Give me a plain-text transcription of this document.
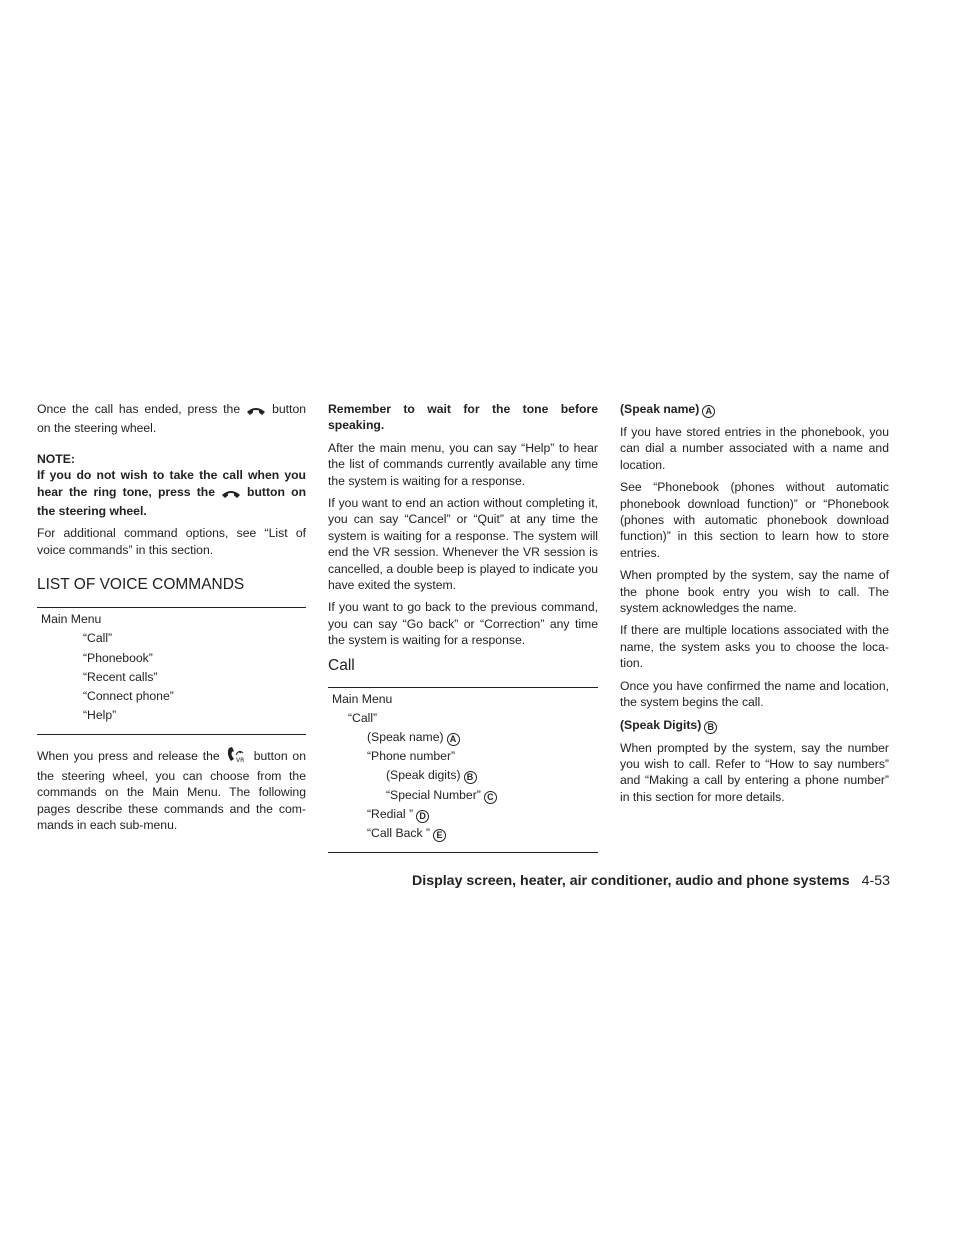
Once the call has ended, press the	button on the steering wheel.

NOTE:

If you do not wish to take the call when you hear the ring tone, press the	button on the steering wheel.

For additional command options, see “List of voice commands” in this section.

LIST OF VOICE COMMANDS
Main Menu
“Call”
“Phonebook”
“Recent calls”
“Connect phone”
“Help”

When you press and release the	VR button on the steering wheel, you can choose from the commands on the Main Menu. The following pages describe these commands and the com-mands in each sub-menu.

Remember to wait for the tone before speaking.

After the main menu, you can say “Help” to hear the list of commands currently available any time the system is waiting for a response.

If you want to end an action without completing it, you can say “Cancel” or “Quit” at any time the system is waiting for a response. The system will end the VR session. Whenever the VR session is cancelled, a double beep is played to indicate you have exited the system.

If you want to go back to the previous command, you can say “Go back” or “Correction” any time the system is waiting for a response.

Call
Main Menu
“Call”
(Speak name) A
“Phone number”
(Speak digits) B
“Special Number” C
“Redial ” D
“Call Back ” E

(Speak name) A

If you have stored entries in the phonebook, you can dial a number associated with a name and location.

See “Phonebook (phones without automatic phonebook download function)” or “Phonebook (phones with automatic phonebook download function)” in this section to learn how to store entries.

When prompted by the system, say the name of the phone book entry you wish to call. The system acknowledges the name.

If there are multiple locations associated with the name, the system asks you to choose the loca-tion.

Once you have confirmed the name and location, the system begins the call.

(Speak Digits) B

When prompted by the system, say the number you wish to call. Refer to “How to say numbers” and “Making a call by entering a phone number” in this section for more details.

Display screen, heater, air conditioner, audio and phone systems 4-53
